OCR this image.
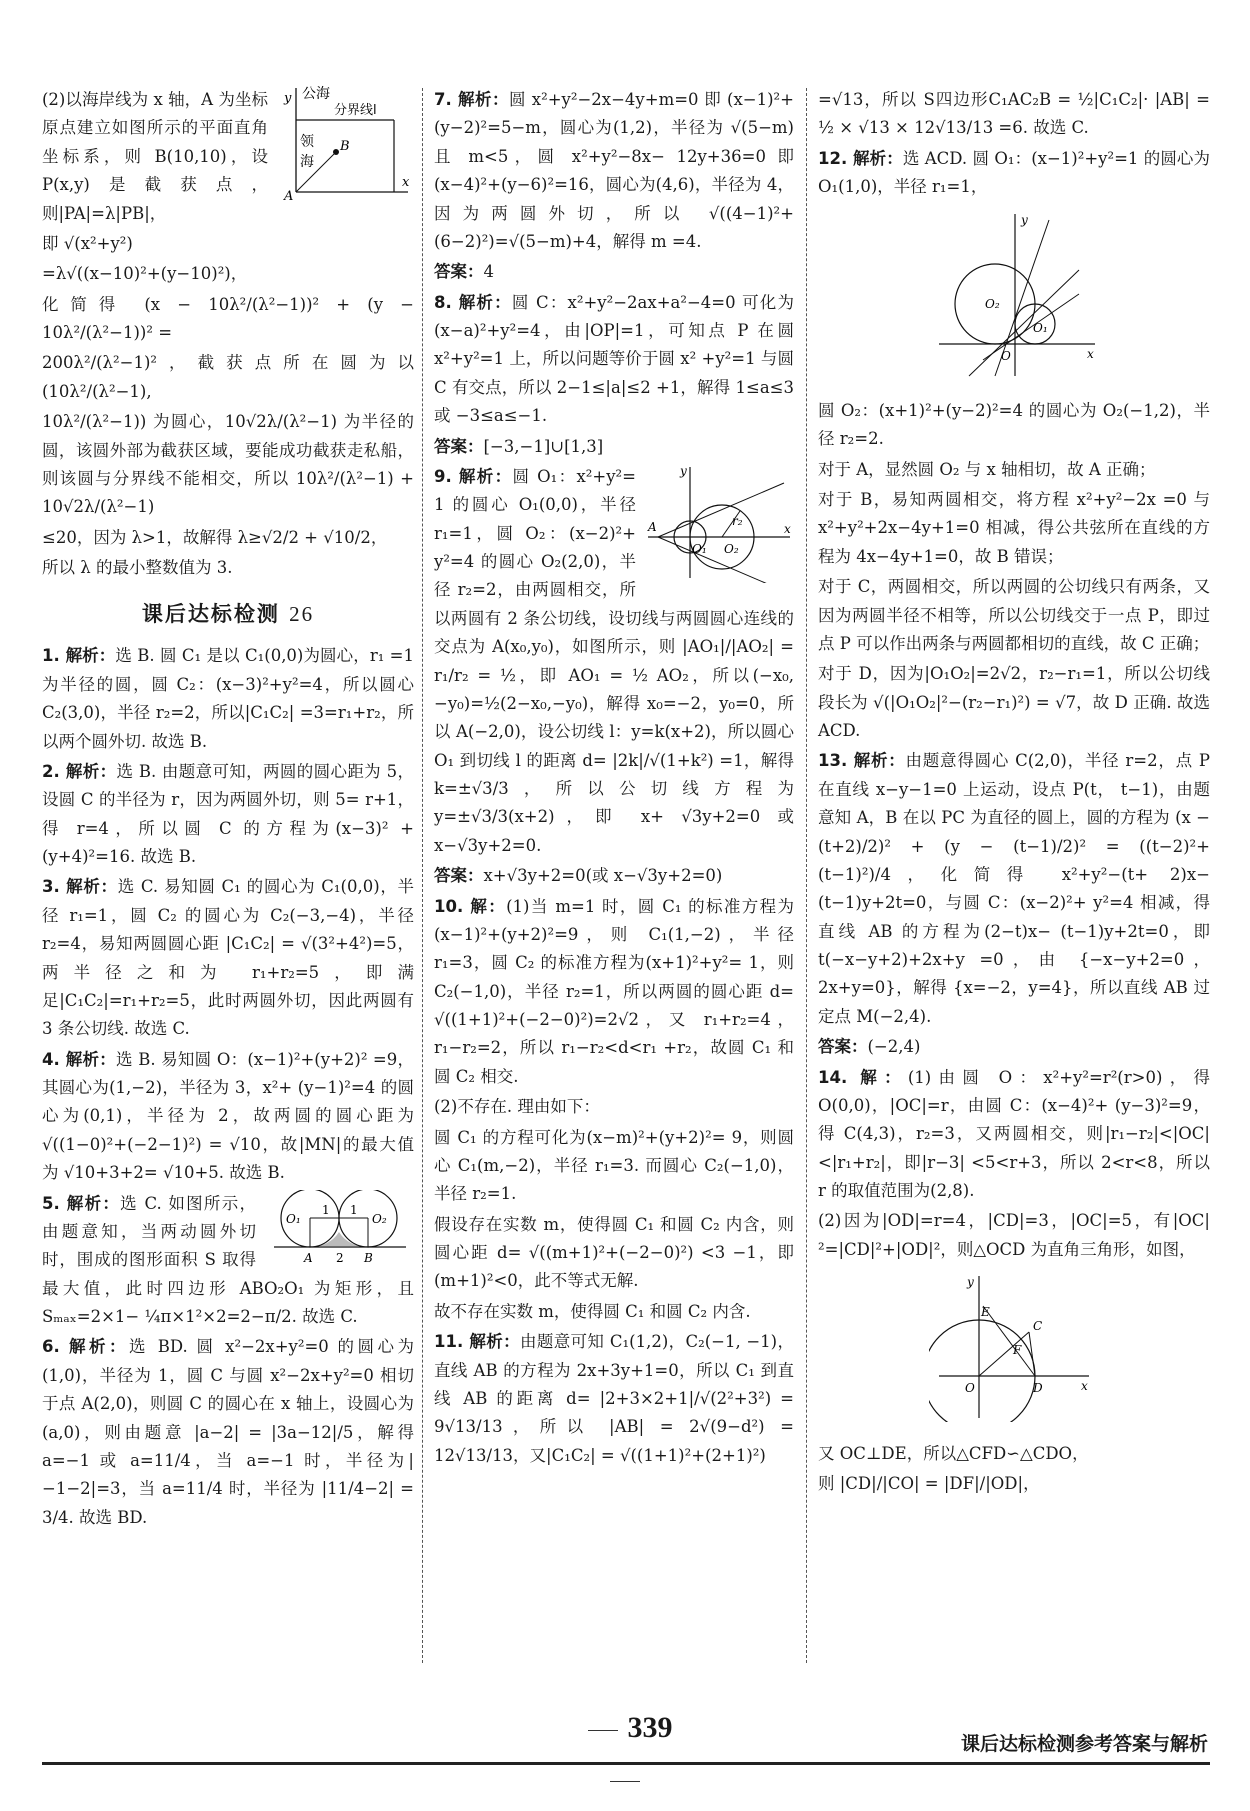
公海
分界线l
y
领
海
B
A
x

(2)以海岸线为 x 轴，A 为坐标原点建立如图所示的平面直角坐标系，则 B(10,10)，设 P(x,y)是截获点，则|PA|=λ|PB|，

即 √(x²+y²)

=λ√((x−10)²+(y−10)²)，

化简得 (x − 10λ²/(λ²−1))² + (y − 10λ²/(λ²−1))² =

200λ²/(λ²−1)²，截获点所在圆为以 (10λ²/(λ²−1),

10λ²/(λ²−1)) 为圆心，10√2λ/(λ²−1) 为半径的圆，该圆外部为截获区域，要能成功截获走私船，则该圆与分界线不能相交，所以 10λ²/(λ²−1) + 10√2λ/(λ²−1)

≤20，因为 λ>1，故解得 λ≥√2/2 + √10/2，

所以 λ 的最小整数值为 3.

课后达标检测 26

1. 解析：选 B. 圆 C₁ 是以 C₁(0,0)为圆心，r₁ =1 为半径的圆，圆 C₂：(x−3)²+y²=4，所以圆心 C₂(3,0)，半径 r₂=2，所以|C₁C₂| =3=r₁+r₂，所以两个圆外切. 故选 B.

2. 解析：选 B. 由题意可知，两圆的圆心距为 5，设圆 C 的半径为 r，因为两圆外切，则 5= r+1，得 r=4，所以圆 C 的方程为(x−3)² +(y+4)²=16. 故选 B.

3. 解析：选 C. 易知圆 C₁ 的圆心为 C₁(0,0)，半径 r₁=1，圆 C₂ 的圆心为 C₂(−3,−4)，半径 r₂=4，易知两圆圆心距 |C₁C₂| = √(3²+4²)=5，两半径之和为 r₁+r₂=5，即满足|C₁C₂|=r₁+r₂=5，此时两圆外切，因此两圆有 3 条公切线. 故选 C.

4. 解析：选 B. 易知圆 O：(x−1)²+(y+2)² =9，其圆心为(1,−2)，半径为 3，x²+ (y−1)²=4 的圆心为(0,1)，半径为 2，故两圆的圆心距为 √((1−0)²+(−2−1)²) = √10，故|MN|的最大值为 √10+3+2= √10+5. 故选 B.

O₁
1 1
O₂
A 2 B

5. 解析：选 C. 如图所示，由题意知，当两动圆外切时，围成的图形面积 S 取得最大值，此时四边形 ABO₂O₁ 为矩形，且 Sₘₐₓ=2×1− ¼π×1²×2=2−π/2. 故选 C.

6. 解析：选 BD. 圆 x²−2x+y²=0 的圆心为(1,0)，半径为 1，圆 C 与圆 x²−2x+y²=0 相切于点 A(2,0)，则圆 C 的圆心在 x 轴上，设圆心为(a,0)，则由题意 |a−2| = |3a−12|/5，解得 a=−1 或 a=11/4，当 a=−1 时，半径为|−1−2|=3，当 a=11/4 时，半径为 |11/4−2| = 3/4. 故选 BD.

7. 解析：圆 x²+y²−2x−4y+m=0 即 (x−1)²+(y−2)²=5−m，圆心为(1,2)，半径为 √(5−m) 且 m<5，圆 x²+y²−8x− 12y+36=0 即(x−4)²+(y−6)²=16，圆心为(4,6)，半径为 4，因为两圆外切，所以 √((4−1)²+(6−2)²)=√(5−m)+4，解得 m =4.

答案：4

8. 解析：圆 C：x²+y²−2ax+a²−4=0 可化为(x−a)²+y²=4，由|OP|=1，可知点 P 在圆 x²+y²=1 上，所以问题等价于圆 x² +y²=1 与圆 C 有交点，所以 2−1≤|a|≤2 +1，解得 1≤a≤3 或 −3≤a≤−1.

答案：[−3,−1]∪[1,3]

y
A	r₂
O₁ O₂
x

9. 解析：圆 O₁：x²+y²= 1 的圆心 O₁(0,0)，半径 r₁=1，圆 O₂：(x−2)²+ y²=4 的圆心 O₂(2,0)，半径 r₂=2，由两圆相交，所以两圆有 2 条公切线，设切线与两圆圆心连线的交点为 A(x₀,y₀)，如图所示，则 |AO₁|/|AO₂| = r₁/r₂ = ½，即 AO₁ = ½ AO₂，所以(−x₀,−y₀)=½(2−x₀,−y₀)，解得 x₀=−2，y₀=0，所以 A(−2,0)，设公切线 l：y=k(x+2)，所以圆心 O₁ 到切线 l 的距离 d= |2k|/√(1+k²) =1，解得 k=±√3/3，所以公切线方程为 y=±√3/3(x+2)，即 x+ √3y+2=0 或 x−√3y+2=0.

答案：x+√3y+2=0(或 x−√3y+2=0)

10. 解：(1)当 m=1 时，圆 C₁ 的标准方程为 (x−1)²+(y+2)²=9，则 C₁(1,−2)，半径 r₁=3，圆 C₂ 的标准方程为(x+1)²+y²= 1，则 C₂(−1,0)，半径 r₂=1，所以两圆的圆心距 d= √((1+1)²+(−2−0)²)=2√2，又 r₁+r₂=4，r₁−r₂=2，所以 r₁−r₂<d<r₁ +r₂，故圆 C₁ 和圆 C₂ 相交.

(2)不存在. 理由如下：

圆 C₁ 的方程可化为(x−m)²+(y+2)²= 9，则圆心 C₁(m,−2)，半径 r₁=3. 而圆心 C₂(−1,0)，半径 r₂=1.

假设存在实数 m，使得圆 C₁ 和圆 C₂ 内含，则圆心距 d= √((m+1)²+(−2−0)²) <3 −1，即(m+1)²<0，此不等式无解.

故不存在实数 m，使得圆 C₁ 和圆 C₂ 内含.

11. 解析：由题意可知 C₁(1,2)，C₂(−1, −1)，直线 AB 的方程为 2x+3y+1=0，所以 C₁ 到直线 AB 的距离 d= |2+3×2+1|/√(2²+3²) = 9√13/13，所以 |AB| = 2√(9−d²) = 12√13/13，又|C₁C₂| = √((1+1)²+(2+1)²)

=√13，所以 S四边形C₁AC₂B = ½|C₁C₂|· |AB| = ½ × √13 × 12√13/13 =6. 故选 C.

12. 解析：选 ACD. 圆 O₁：(x−1)²+y²=1 的圆心为 O₁(1,0)，半径 r₁=1，

y
O₂
O₁
O	x

圆 O₂：(x+1)²+(y−2)²=4 的圆心为 O₂(−1,2)，半径 r₂=2.

对于 A，显然圆 O₂ 与 x 轴相切，故 A 正确；

对于 B，易知两圆相交，将方程 x²+y²−2x =0 与 x²+y²+2x−4y+1=0 相减，得公共弦所在直线的方程为 4x−4y+1=0，故 B 错误；

对于 C，两圆相交，所以两圆的公切线只有两条，又因为两圆半径不相等，所以公切线交于一点 P，即过点 P 可以作出两条与两圆都相切的直线，故 C 正确；

对于 D，因为|O₁O₂|=2√2，r₂−r₁=1，所以公切线段长为 √(|O₁O₂|²−(r₂−r₁)²) = √7，故 D 正确. 故选 ACD.

13. 解析：由题意得圆心 C(2,0)，半径 r=2，点 P 在直线 x−y−1=0 上运动，设点 P(t， t−1)，由题意知 A，B 在以 PC 为直径的圆上，圆的方程为 (x − (t+2)/2)² + (y − (t−1)/2)² = ((t−2)²+(t−1)²)/4，化简得 x²+y²−(t+ 2)x−(t−1)y+2t=0，与圆 C：(x−2)²+ y²=4 相减，得直线 AB 的方程为(2−t)x− (t−1)y+2t=0，即 t(−x−y+2)+2x+y =0，由 {−x−y+2=0，2x+y=0}，解得 {x=−2，y=4}，所以直线 AB 过定点 M(−2,4).

答案：(−2,4)

14. 解：(1)由圆 O：x²+y²=r²(r>0)，得 O(0,0)，|OC|=r，由圆 C：(x−4)²+ (y−3)²=9，得 C(4,3)，r₂=3，又两圆相交，则|r₁−r₂|<|OC|<|r₁+r₂|，即|r−3| <5<r+3，所以 2<r<8，所以 r 的取值范围为(2,8).

(2)因为|OD|=r=4，|CD|=3，|OC|=5，有|OC|²=|CD|²+|OD|²，则△OCD 为直角三角形，如图，

y
E
C
F
O	D	x

又 OC⊥DE，所以△CFD∽△CDO，

则 |CD|/|CO| = |DF|/|OD|，

339	课后达标检测参考答案与解析
